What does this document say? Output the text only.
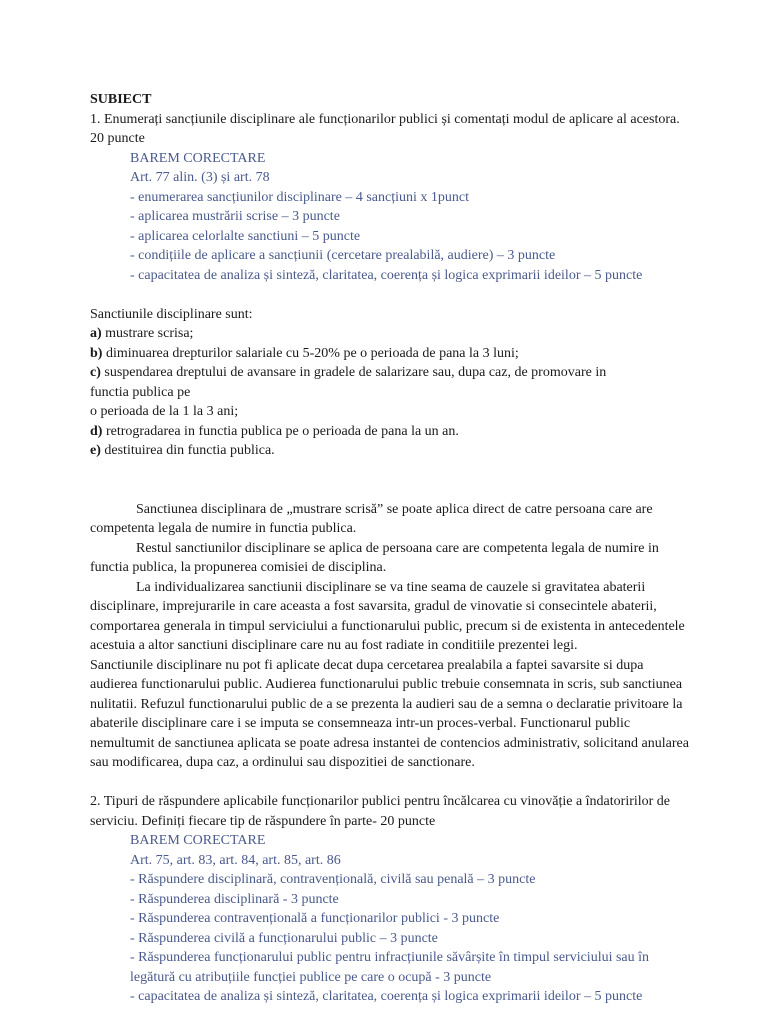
SUBIECT

1. Enumerați sancțiunile disciplinare ale funcționarilor publici și comentați modul de aplicare al acestora. 20 puncte

BAREM CORECTARE

Art. 77 alin. (3) și art. 78

- enumerarea sancțiunilor disciplinare – 4 sancțiuni x 1punct

- aplicarea mustrării scrise – 3 puncte

- aplicarea celorlalte sanctiuni – 5 puncte

- condițiile de aplicare a sancțiunii (cercetare prealabilă, audiere) – 3 puncte

- capacitatea de analiza și sinteză, claritatea, coerența și logica exprimarii ideilor – 5 puncte

Sanctiunile disciplinare sunt:

a) mustrare scrisa;

b) diminuarea drepturilor salariale cu 5-20% pe o perioada de pana la 3 luni;

c) suspendarea dreptului de avansare in gradele de salarizare sau, dupa caz, de promovare in functia publica pe

o perioada de la 1 la 3 ani;

d) retrogradarea in functia publica pe o perioada de pana la un an.

e) destituirea din functia publica.

Sanctiunea disciplinara de „mustrare scrisă” se poate aplica direct de catre persoana care are competenta legala de numire in functia publica.

Restul sanctiunilor disciplinare se aplica de persoana care are competenta legala de numire in functia publica, la propunerea comisiei de disciplina.

La individualizarea sanctiunii disciplinare se va tine seama de cauzele si gravitatea abaterii disciplinare, imprejurarile in care aceasta a fost savarsita, gradul de vinovatie si consecintele abaterii, comportarea generala in timpul serviciului a functionarului public, precum si de existenta in antecedentele acestuia a altor sanctiuni disciplinare care nu au fost radiate in conditiile prezentei legi.

Sanctiunile disciplinare nu pot fi aplicate decat dupa cercetarea prealabila a faptei savarsite si dupa audierea functionarului public. Audierea functionarului public trebuie consemnata in scris, sub sanctiunea nulitatii. Refuzul functionarului public de a se prezenta la audieri sau de a semna o declaratie privitoare la abaterile disciplinare care i se imputa se consemneaza intr-un proces-verbal. Functionarul public nemultumit de sanctiunea aplicata se poate adresa instantei de contencios administrativ, solicitand anularea sau modificarea, dupa caz, a ordinului sau dispozitiei de sanctionare.

2. Tipuri de răspundere aplicabile funcționarilor publici pentru încălcarea cu vinovăție a îndatoririlor de serviciu. Definiți fiecare tip de răspundere în parte- 20 puncte

BAREM CORECTARE

Art. 75, art. 83, art. 84, art. 85, art. 86

- Răspundere disciplinară, contravențională, civilă sau penală – 3 puncte

- Răspunderea disciplinară - 3 puncte

- Răspunderea contravențională a funcționarilor publici - 3 puncte

- Răspunderea civilă a funcționarului public – 3 puncte

- Răspunderea funcționarului public pentru infracțiunile săvârșite în timpul serviciului sau în

legătură cu atribuțiile funcției publice pe care o ocupă - 3 puncte

- capacitatea de analiza și sinteză, claritatea, coerența și logica exprimarii ideilor – 5 puncte
